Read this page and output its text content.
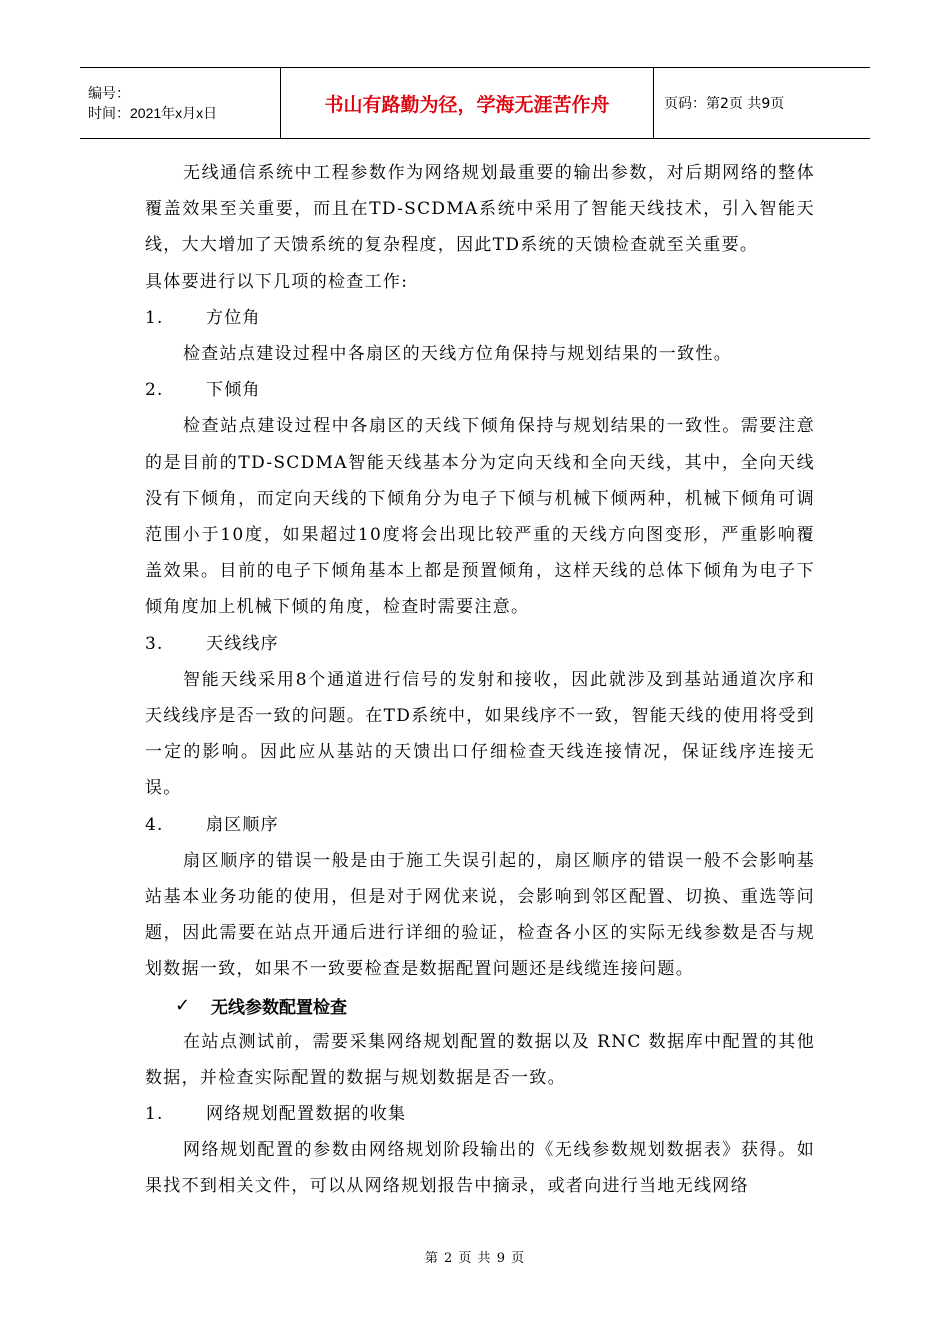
编号：
时间：2021年x月x日	书山有路勤为径，学海无涯苦作舟	页码：第2页 共9页

无线通信系统中工程参数作为网络规划最重要的输出参数，对后期网络的整体覆盖效果至关重要，而且在TD-SCDMA系统中采用了智能天线技术，引入智能天线，大大增加了天馈系统的复杂程度，因此TD系统的天馈检查就至关重要。

具体要进行以下几项的检查工作:

1.	方位角

检查站点建设过程中各扇区的天线方位角保持与规划结果的一致性。

2.	下倾角

检查站点建设过程中各扇区的天线下倾角保持与规划结果的一致性。需要注意的是目前的TD-SCDMA智能天线基本分为定向天线和全向天线，其中，全向天线没有下倾角，而定向天线的下倾角分为电子下倾与机械下倾两种，机械下倾角可调范围小于10度，如果超过10度将会出现比较严重的天线方向图变形，严重影响覆盖效果。目前的电子下倾角基本上都是预置倾角，这样天线的总体下倾角为电子下倾角度加上机械下倾的角度，检查时需要注意。

3.	天线线序

智能天线采用8个通道进行信号的发射和接收，因此就涉及到基站通道次序和天线线序是否一致的问题。在TD系统中，如果线序不一致，智能天线的使用将受到一定的影响。因此应从基站的天馈出口仔细检查天线连接情况，保证线序连接无误。

4.	扇区顺序

扇区顺序的错误一般是由于施工失误引起的，扇区顺序的错误一般不会影响基站基本业务功能的使用，但是对于网优来说，会影响到邻区配置、切换、重选等问题，因此需要在站点开通后进行详细的验证，检查各小区的实际无线参数是否与规划数据一致，如果不一致要检查是数据配置问题还是线缆连接问题。

✓	无线参数配置检查

在站点测试前，需要采集网络规划配置的数据以及 RNC 数据库中配置的其他数据，并检查实际配置的数据与规划数据是否一致。

1.	网络规划配置数据的收集

网络规划配置的参数由网络规划阶段输出的《无线参数规划数据表》获得。如果找不到相关文件，可以从网络规划报告中摘录，或者向进行当地无线网络

第 2 页 共 9 页
